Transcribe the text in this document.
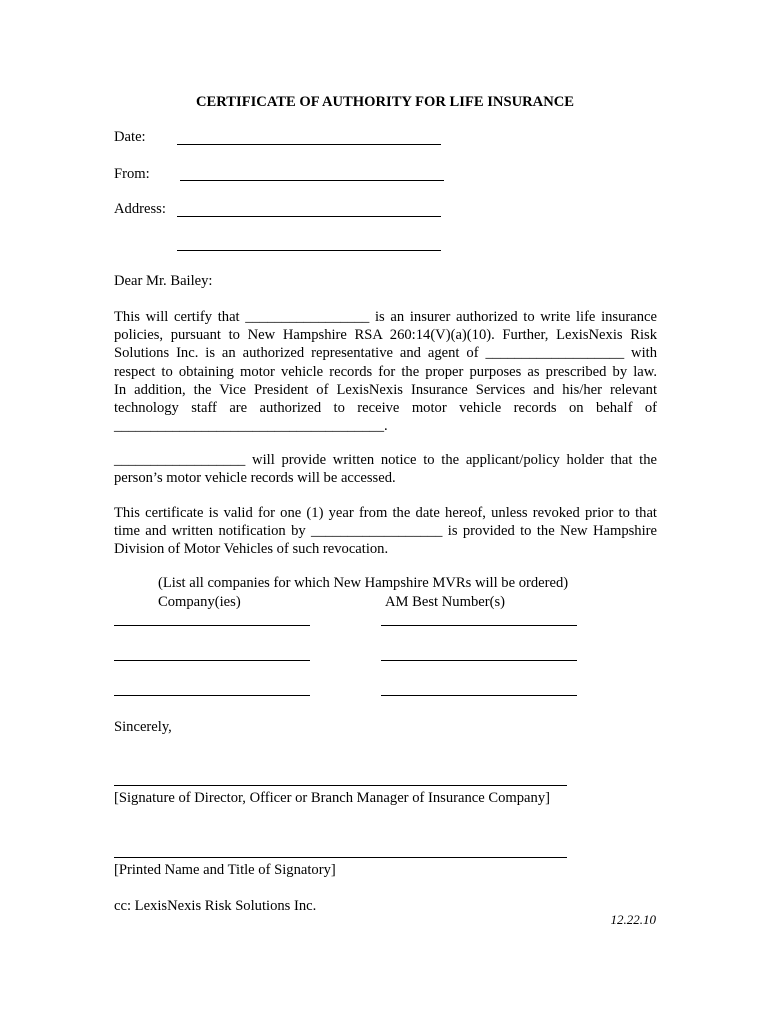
CERTIFICATE OF AUTHORITY FOR LIFE INSURANCE
Date:
From:
Address:
Dear Mr. Bailey:
This will certify that _________________ is an insurer authorized to write life insurance
policies, pursuant to New Hampshire RSA 260:14(V)(a)(10). Further, LexisNexis Risk
Solutions Inc. is an authorized representative and agent of ___________________ with
respect to obtaining motor vehicle records for the proper purposes as prescribed by law.
In addition, the Vice President of LexisNexis Insurance Services and his/her relevant
technology staff are authorized to receive motor vehicle records on behalf of
_____________________________________.
__________________ will provide written notice to the applicant/policy holder that the
person’s motor vehicle records will be accessed.
This certificate is valid for one (1) year from the date hereof, unless revoked prior to that
time and written notification by __________________ is provided to the New Hampshire
Division of Motor Vehicles of such revocation.
(List all companies for which New Hampshire MVRs will be ordered)
Company(ies)	AM Best Number(s)
Sincerely,
[Signature of Director, Officer or Branch Manager of Insurance Company]
[Printed Name and Title of Signatory]
cc: LexisNexis Risk Solutions Inc.
12.22.10
